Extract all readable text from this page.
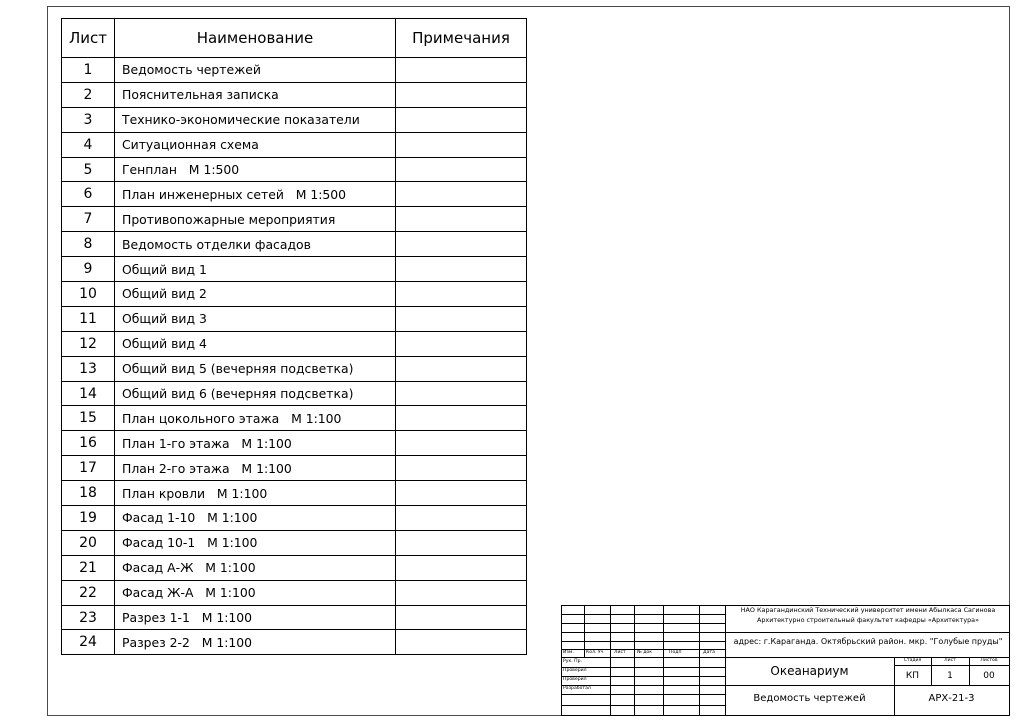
Лист	Наименование	Примечания
1	Ведомость чертежей	
2	Пояснительная записка	
3	Технико-экономические показатели	
4	Ситуационная схема	
5	Генплан   М 1:500	
6	План инженерных сетей   М 1:500	
7	Противопожарные мероприятия	
8	Ведомость отделки фасадов	
9	Общий вид 1	
10	Общий вид 2	
11	Общий вид 3	
12	Общий вид 4	
13	Общий вид 5 (вечерняя подсветка)	
14	Общий вид 6 (вечерняя подсветка)	
15	План цокольного этажа   М 1:100	
16	План 1-го этажа   М 1:100	
17	План 2-го этажа   М 1:100	
18	План кровли   М 1:100	
19	Фасад 1-10   М 1:100	
20	Фасад 10-1   М 1:100	
21	Фасад А-Ж   М 1:100	
22	Фасад Ж-А   М 1:100	
23	Разрез 1-1   М 1:100	
24	Разрез 2-2   М 1:100	
Изм.	Кол. Уч Лист № док	Подп	Дата
Рук. Пр.
Проверил
Проверил
Разработал
НАО Карагандинский Технический университет имени Абылкаса Сагинова
Архитектурно строительный факультет кафедры «Архитектура»
адрес: г.Караганда. Октябрьский район. мкр. "Голубые пруды"
Океанариум
Ведомость чертежей
Стадия	Лист	Листов
КП	1	00
АРХ-21-3
